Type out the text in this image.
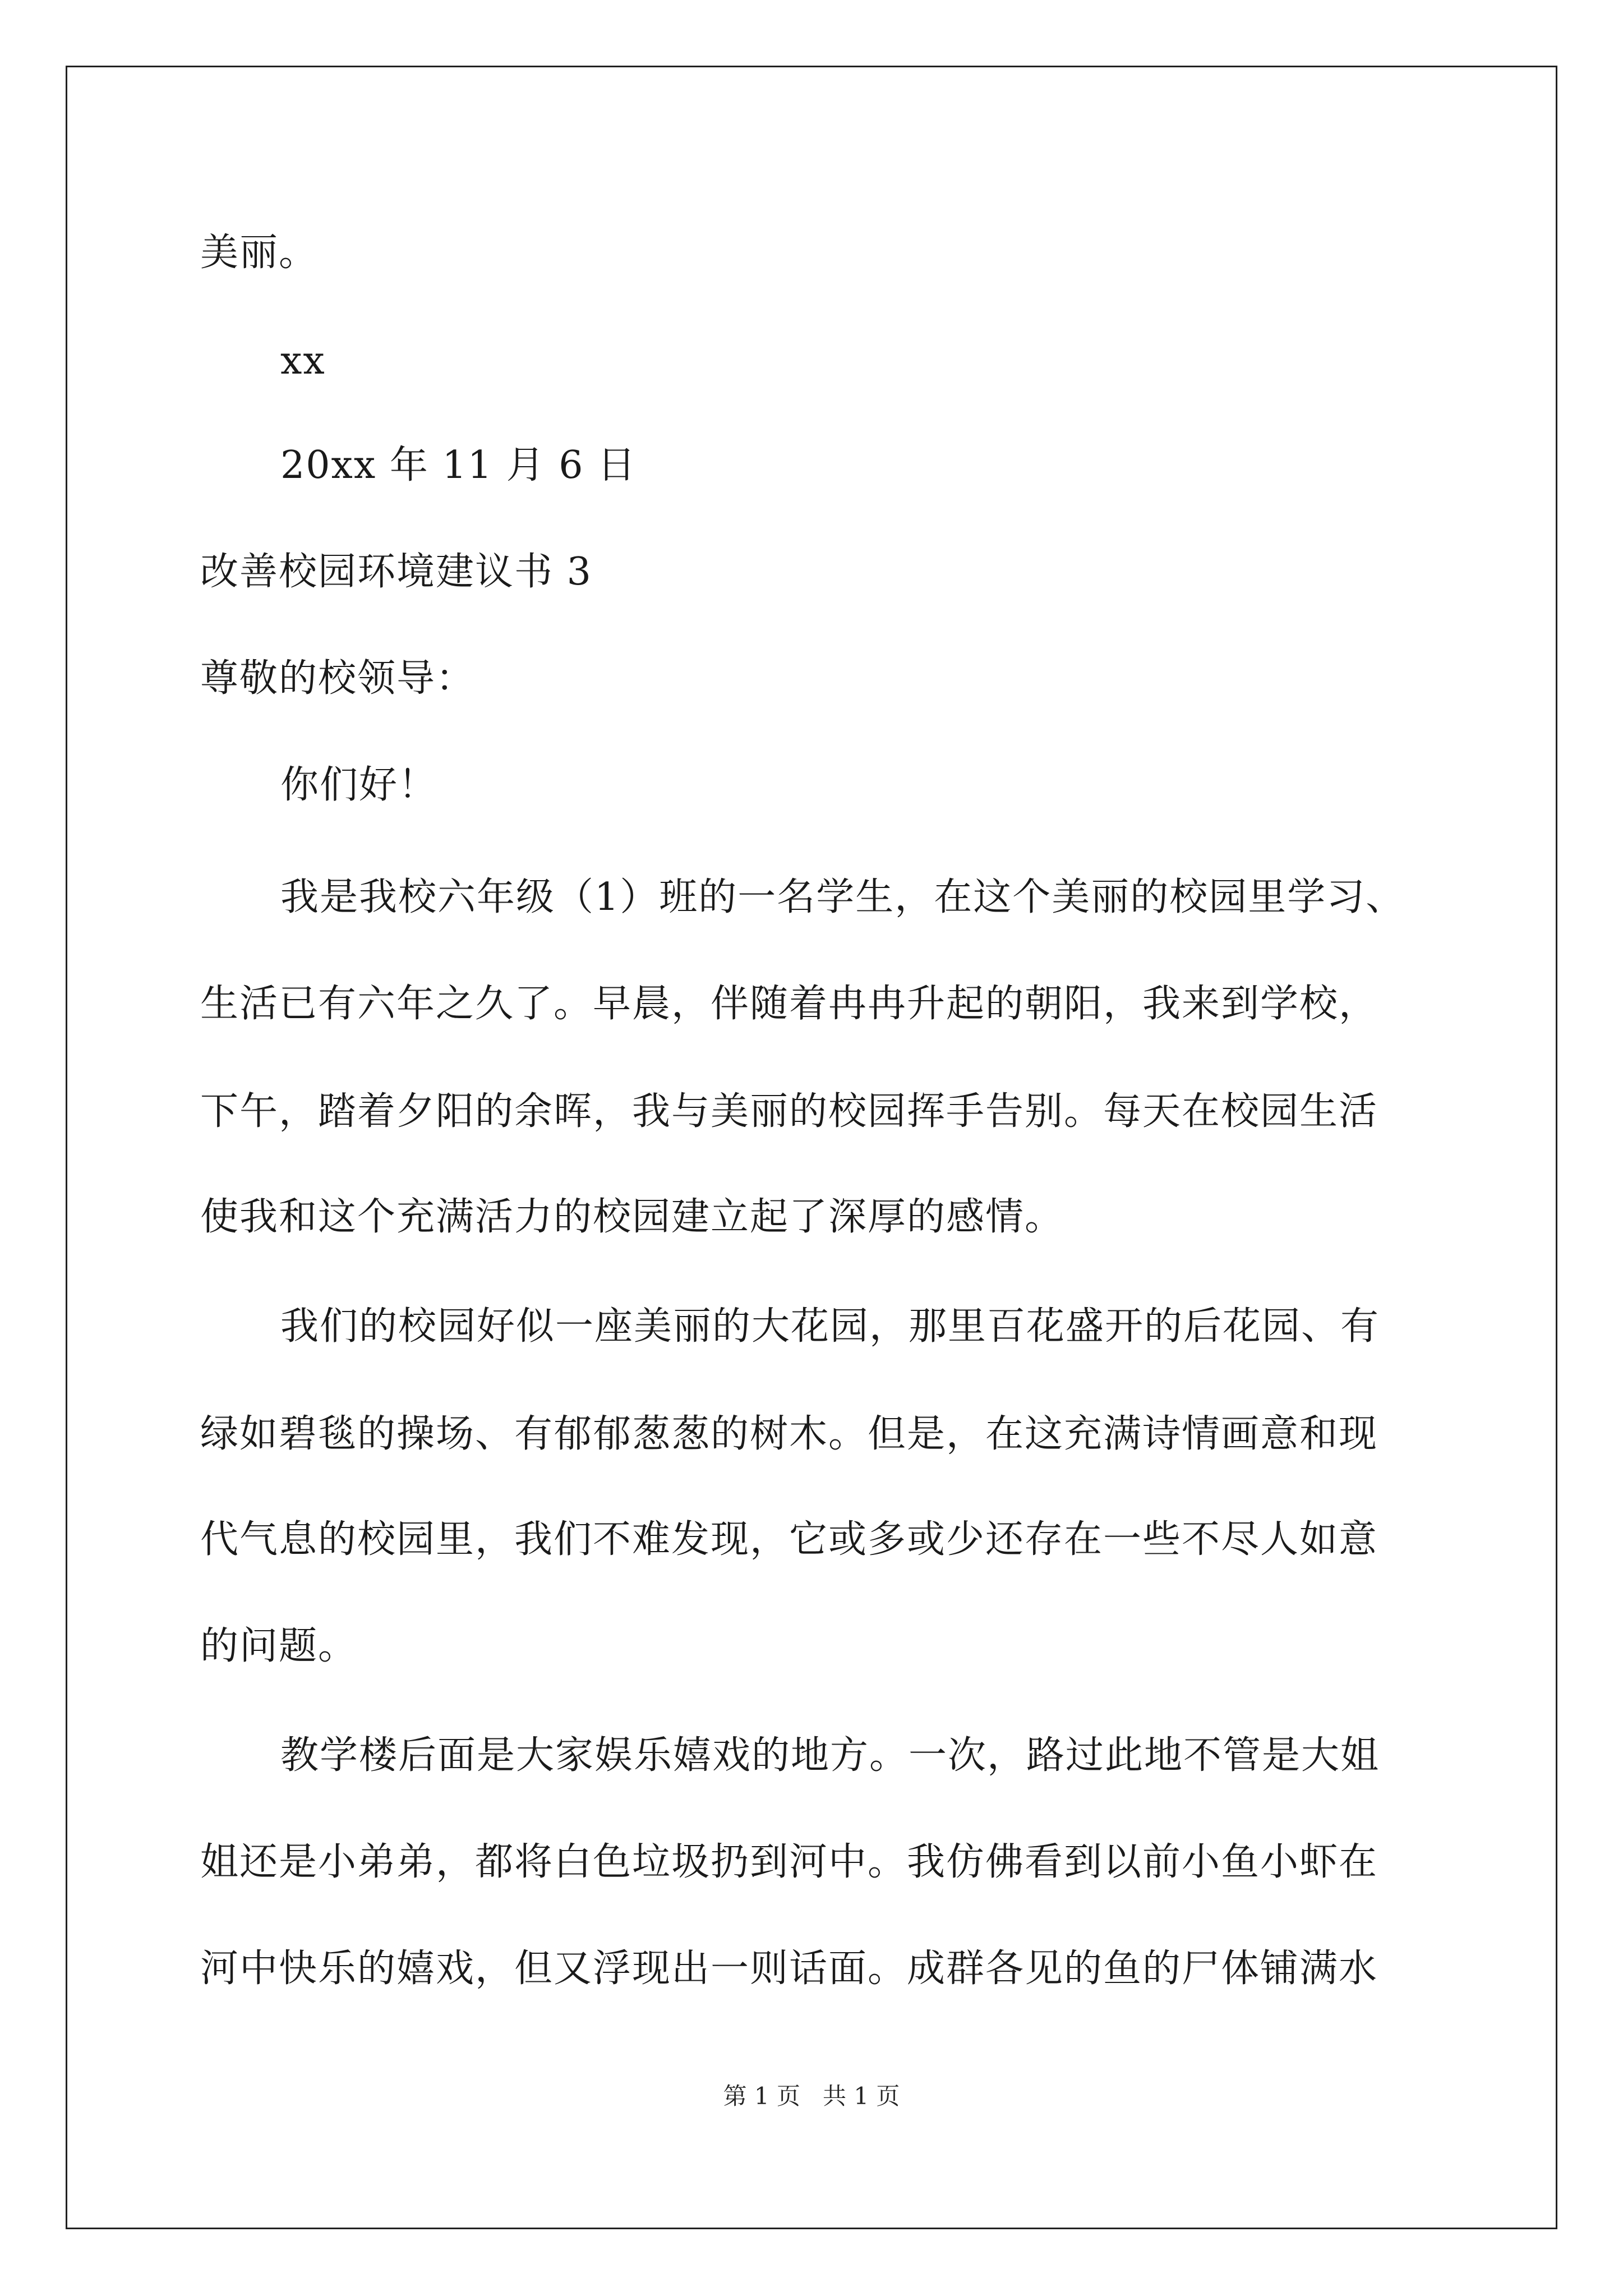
美丽。
xx
20xx 年 11 月 6 日
改善校园环境建议书 3
尊敬的校领导：
你们好！
我是我校六年级（1）班的一名学生，在这个美丽的校园里学习、
生活已有六年之久了。早晨，伴随着冉冉升起的朝阳，我来到学校，
下午，踏着夕阳的余晖，我与美丽的校园挥手告别。每天在校园生活
使我和这个充满活力的校园建立起了深厚的感情。
我们的校园好似一座美丽的大花园，那里百花盛开的后花园、有
绿如碧毯的操场、有郁郁葱葱的树木。但是，在这充满诗情画意和现
代气息的校园里，我们不难发现，它或多或少还存在一些不尽人如意
的问题。
教学楼后面是大家娱乐嬉戏的地方。一次，路过此地不管是大姐
姐还是小弟弟，都将白色垃圾扔到河中。我仿佛看到以前小鱼小虾在
河中快乐的嬉戏，但又浮现出一则话面。成群各见的鱼的尸体铺满水
第 1 页 共 1 页
